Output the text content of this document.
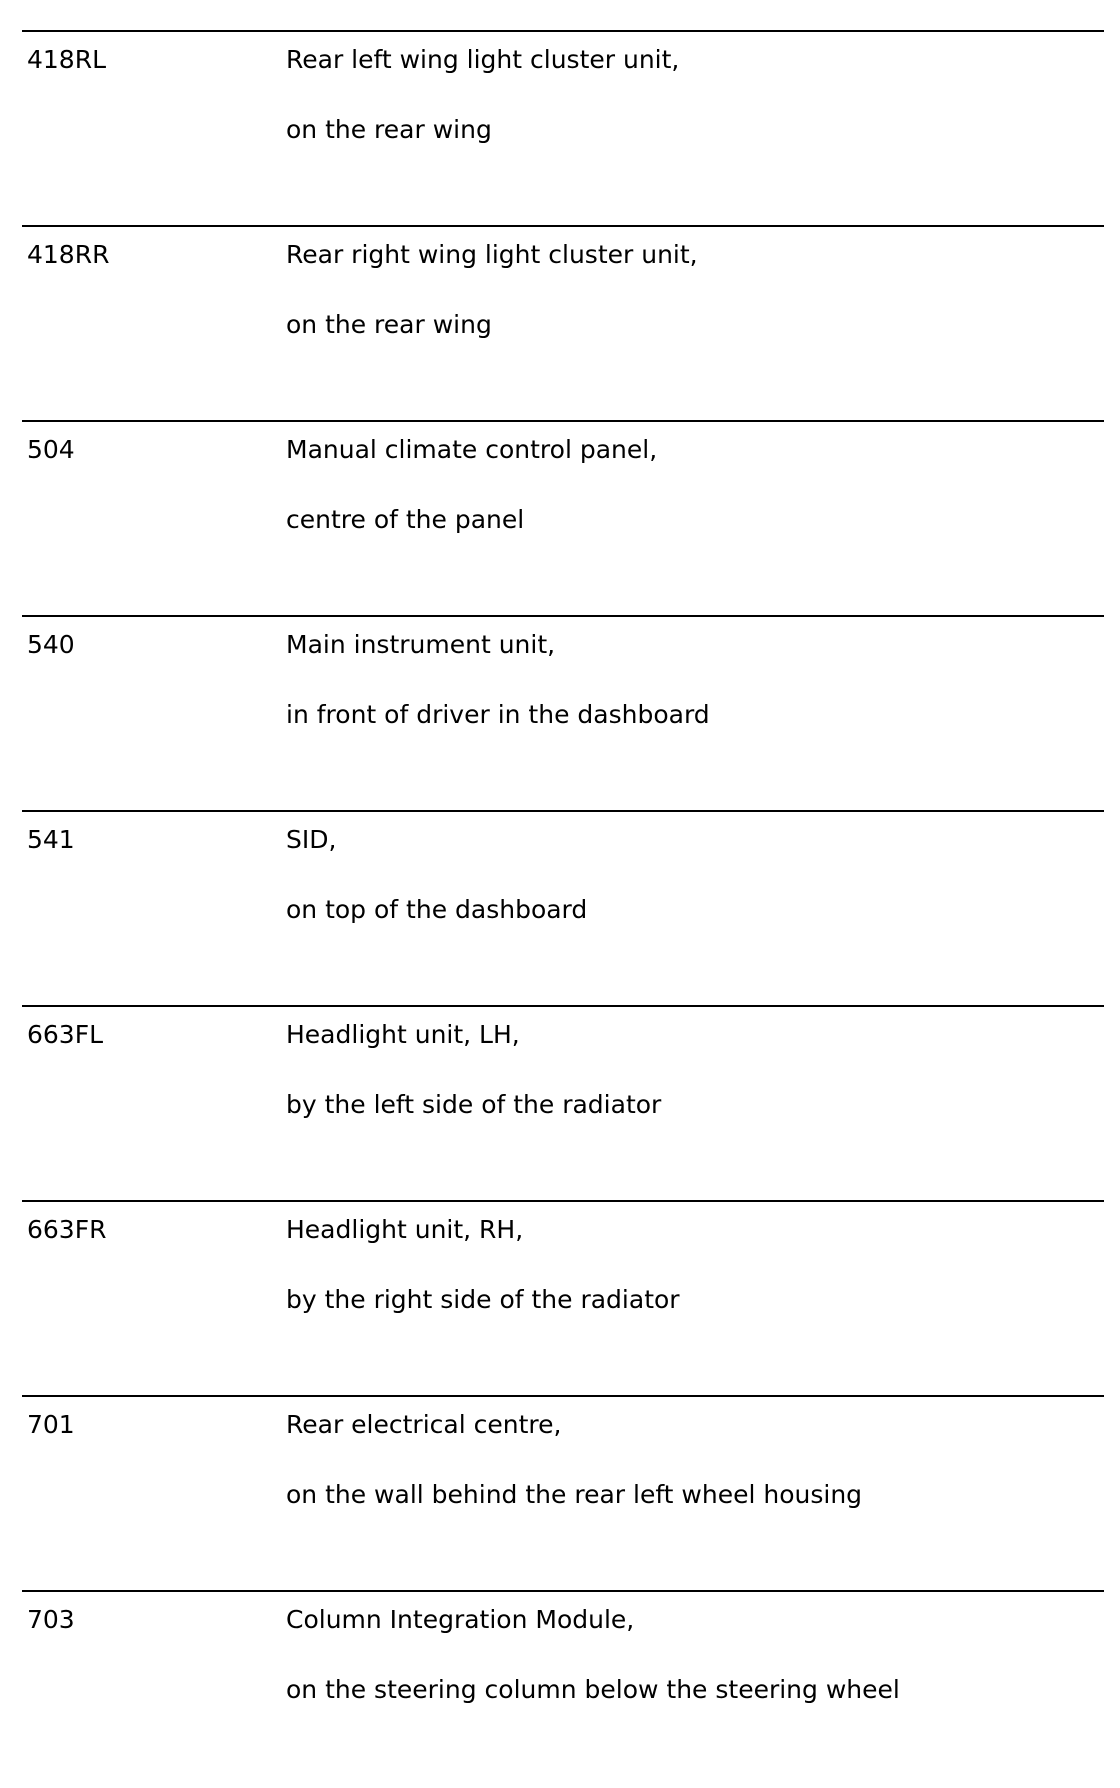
418RL	Rear left wing light cluster unit,
on the rear wing
418RR	Rear right wing light cluster unit,
on the rear wing
504	Manual climate control panel,
centre of the panel
540	Main instrument unit,
in front of driver in the dashboard
541	SID,
on top of the dashboard
663FL	Headlight unit, LH,
by the left side of the radiator
663FR	Headlight unit, RH,
by the right side of the radiator
701	Rear electrical centre,
on the wall behind the rear left wheel housing
703	Column Integration Module,
on the steering column below the steering wheel
